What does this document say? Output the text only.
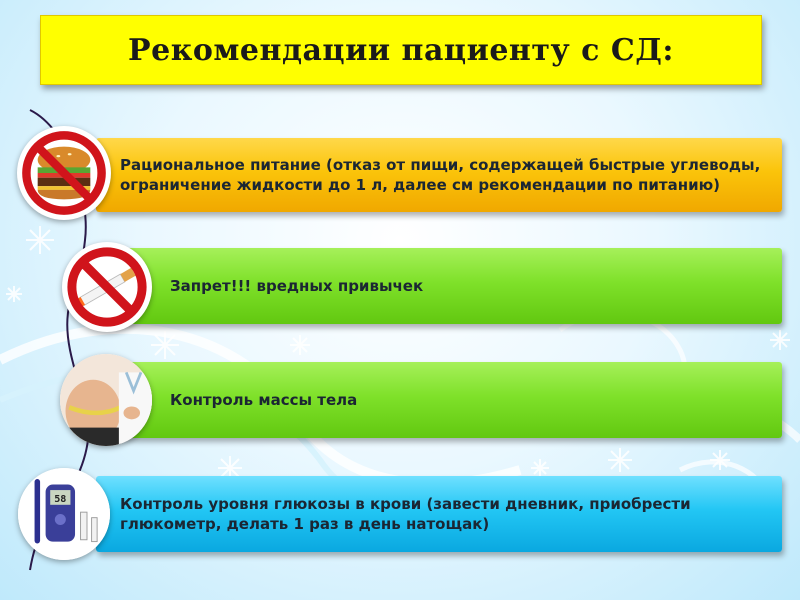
Рекомендации пациенту с СД:
Рациональное питание (отказ от пищи, содержащей быстрые углеводы,
ограничение жидкости до 1 л, далее см рекомендации по питанию)
Запрет!!! вредных привычек
Контроль массы тела
Контроль уровня глюкозы в крови (завести дневник, приобрести
глюкометр, делать 1 раз в день натощак)
58
